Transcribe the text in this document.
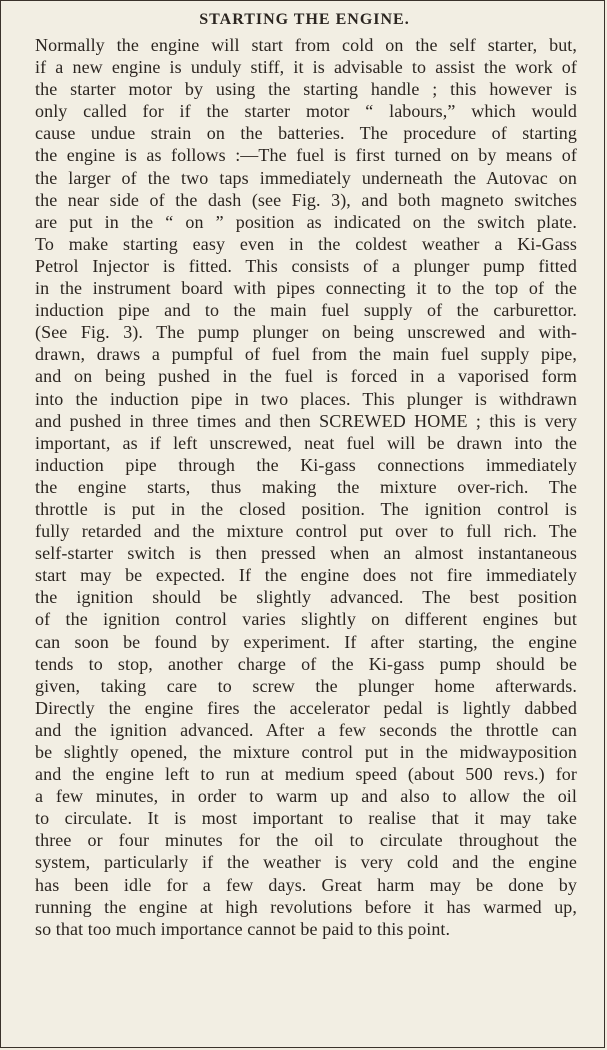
STARTING THE ENGINE.
Normally the engine will start from cold on the self starter, but,
if a new engine is unduly stiff, it is advisable to assist the work of
the starter motor by using the starting handle ; this however is
only called for if the starter motor “ labours,” which would
cause undue strain on the batteries. The procedure of starting
the engine is as follows :—The fuel is first turned on by means of
the larger of the two taps immediately underneath the Autovac on
the near side of the dash (see Fig. 3), and both magneto switches
are put in the “ on ” position as indicated on the switch plate.
To make starting easy even in the coldest weather a Ki-Gass
Petrol Injector is fitted. This consists of a plunger pump fitted
in the instrument board with pipes connecting it to the top of the
induction pipe and to the main fuel supply of the carburettor.
(See Fig. 3). The pump plunger on being unscrewed and with-
drawn, draws a pumpful of fuel from the main fuel supply pipe,
and on being pushed in the fuel is forced in a vaporised form
into the induction pipe in two places. This plunger is withdrawn
and pushed in three times and then SCREWED HOME ; this is very
important, as if left unscrewed, neat fuel will be drawn into the
induction pipe through the Ki-gass connections immediately
the engine starts, thus making the mixture over-rich. The
throttle is put in the closed position. The ignition control is
fully retarded and the mixture control put over to full rich. The
self-starter switch is then pressed when an almost instantaneous
start may be expected. If the engine does not fire immediately
the ignition should be slightly advanced. The best position
of the ignition control varies slightly on different engines but
can soon be found by experiment. If after starting, the engine
tends to stop, another charge of the Ki-gass pump should be
given, taking care to screw the plunger home afterwards.
Directly the engine fires the accelerator pedal is lightly dabbed
and the ignition advanced. After a few seconds the throttle can
be slightly opened, the mixture control put in the midwayposition
and the engine left to run at medium speed (about 500 revs.) for
a few minutes, in order to warm up and also to allow the oil
to circulate. It is most important to realise that it may take
three or four minutes for the oil to circulate throughout the
system, particularly if the weather is very cold and the engine
has been idle for a few days. Great harm may be done by
running the engine at high revolutions before it has warmed up,
so that too much importance cannot be paid to this point.
